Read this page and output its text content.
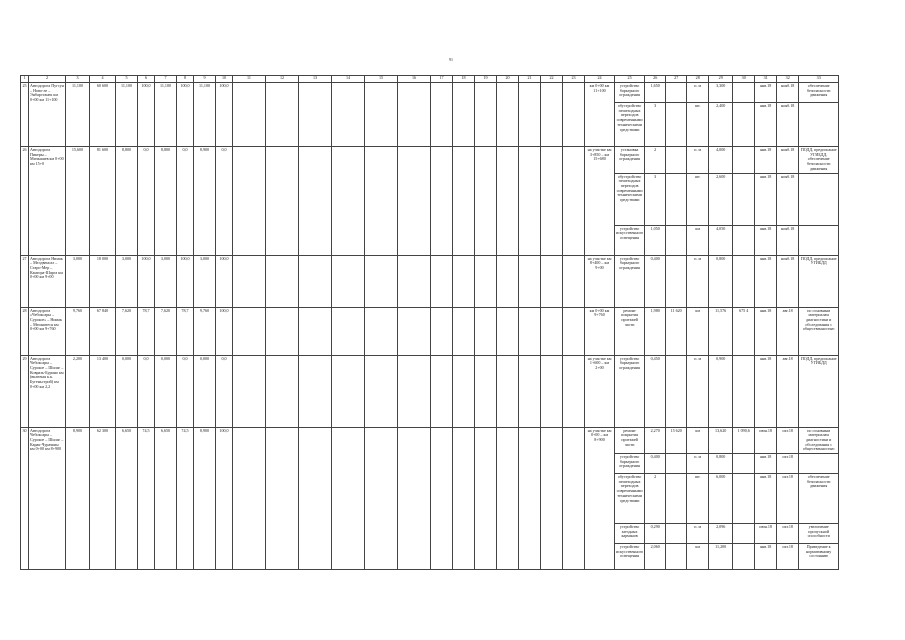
91
1	2	3	4	5	6	7	8	9	10	11	12	13	14	15	16	17	18	19	20	21	22	23	24	25	26	27	28	29	30	31	32	33
25	Автодорога Пугсун – Ново-ле – Энбарстанек км 0+00 км 11+100	11,100	60 600	11,100	100,0	11,100	100,0	11,100	100,0														км 0+00 км 11+100	устройство барьерного ограждения	1,650		п. м	3,300		янв.18	нояб.18	обеспечение безопасности движения
																								обустройство пешеходных переходов современными техническими средствами	3		шт.	2,400		янв.18	нояб.18	
26	Автодорога Пикеры – Мичкашев км 0+00 км 15+0	15,600	81 600	8,800	0,0	8,800	0,0	8,900	0,0														на участке км 3+850 – км 15+680	установка барьерного ограждения	2		п. м	4,000		янв.18	нояб.18	ПОДД, предписание УГИБДД, обеспечение безопасности движения
																								обустройство пешеходных переходов современными техническими средствами	3		шт.	2,600		янв.18	нояб.18	
																								устройство искусственного освещения	1,050		км	4,050		янв.18	нояб.18	
27	Автодорога Нимак – Мелдвенсал – Старо-Мер – Кантора-Шарга км 0+00 км 9+00	3,000	18 000	3,000	100,0	3,000	100,0	3,000	100,0														на участке км 8+400 – км 9+00	устройство барьерного ограждения	0,400		п. м	0,800		янв.18	нояб.18	ПОДД, предписание УГИБДД
28	Автодорога «Чебоксары – Сурское» – Нимак – Мешнатеся км 0+00 км 9+760	9,760	67 840	7,620	78,7	7,620	78,7	9,760	100,0														км 0+00 км 9+760	ремонт покрытия проезжей части	1,980	11 620	км	11,576	675 4	янв.18	авг.18	по основным материалам диагностики и обследования с общественностью
29	Автодорога Чебоксары – Сурское – Шилаг – Ковразь-Бурино км (включая к.к. Бугеньстрой) км 0+00 км 2,2	2,200	13 400	0,000	0,0	0,000	0,0	0,000	0,0														на участке км 1+600 – км 2+00	устройство барьерного ограждения	0,450		п. м	0,900		янв.18	авг.18	ПОДД, предписание УГИБДД
30	Автодорога Чебоксары – Сурское – Шилаг – Карак-Чурачкин км 0+00 км 8+900	8,900	62 300	6,650	74,5	6,650	74,5	8,900	100,0														на участке км 0+00 – км 8+900	ремонт покрытия проезжей части	2,270	15 620	км	13,620	1 090,6	июн.18	окт.18	по основным материалам диагностики и обследования с общественностью
																								устройство барьерного ограждения	0,400		п. м	0,800		янв.18	окт.18	
																								обустройство пешеходных переходов современными техническими средствами	2		шт.	6,000		янв.18	окт.18	обеспечение безопасности движения
																								устройство заездных карманов	0,290		п. м	2,096		июн.18	окт.18	увеличение пропускной способности
																								устройство искусственного освещения	2,060		км	11,200		янв.18	окт.18	Приведение к нормативному состоянию
